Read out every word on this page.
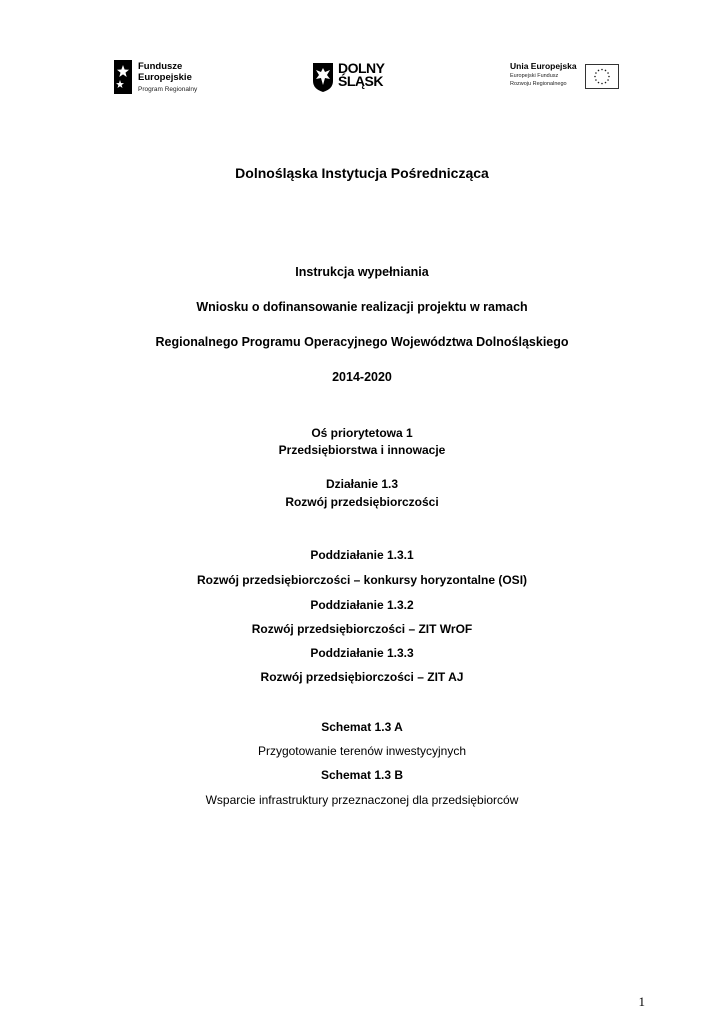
Fundusze
Europejskie
Program Regionalny
DOLNY
ŚLĄSK
Unia Europejska
Europejski Fundusz
Rozwoju Regionalnego
Dolnośląska Instytucja Pośrednicząca
Instrukcja wypełniania
Wniosku o dofinansowanie realizacji projektu w ramach
Regionalnego Programu Operacyjnego Województwa Dolnośląskiego
2014-2020
Oś priorytetowa 1
Przedsiębiorstwa i innowacje
Działanie 1.3
Rozwój przedsiębiorczości
Poddziałanie 1.3.1
Rozwój przedsiębiorczości – konkursy horyzontalne (OSI)
Poddziałanie 1.3.2
Rozwój przedsiębiorczości – ZIT WrOF
Poddziałanie 1.3.3
Rozwój przedsiębiorczości – ZIT AJ
Schemat 1.3 A
Przygotowanie terenów inwestycyjnych
Schemat 1.3 B
Wsparcie infrastruktury przeznaczonej dla przedsiębiorców
1
